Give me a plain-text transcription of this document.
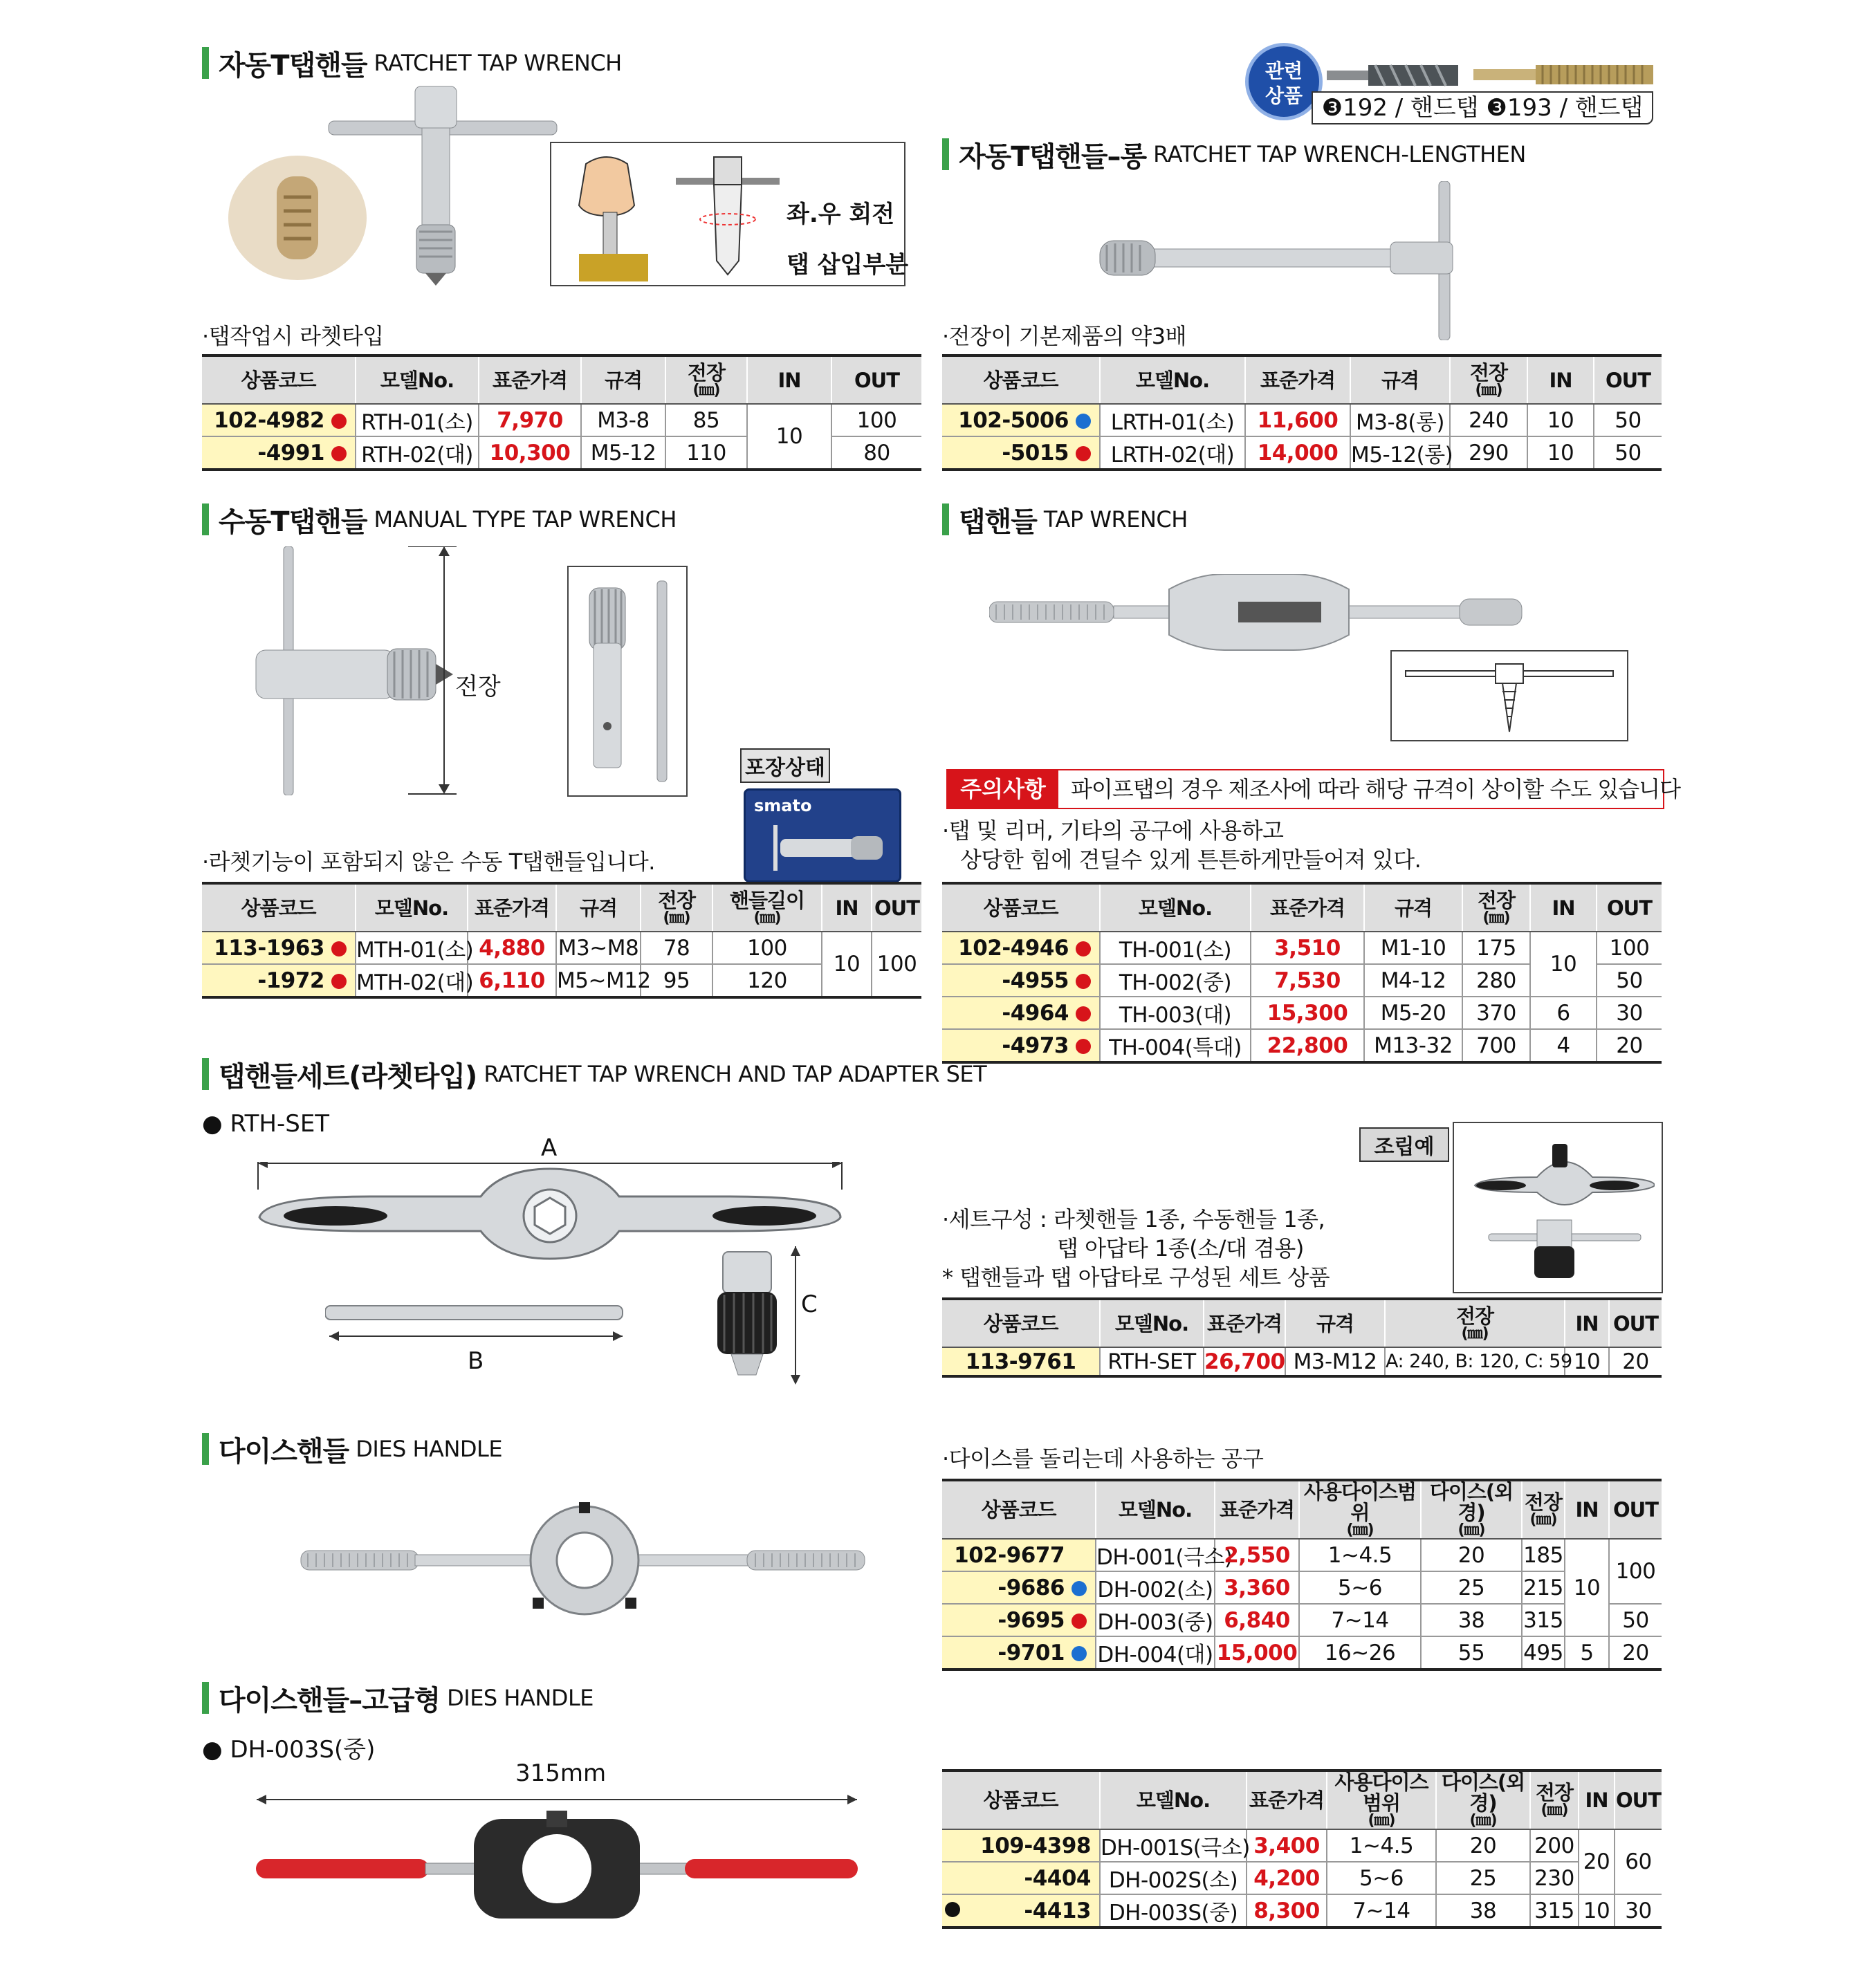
관련
상품 ❸192 / 핸드탭 ❸193 / 핸드탭
자동T탭핸들 RATCHET TAP WRENCH
좌.우 회전
탭 삽입부분
·탭작업시 라쳇타입
상품코드	모델No.	표준가격	규격	전장
(㎜)	IN	OUT
102-4982	RTH-01(소)	7,970	M3-8	85	10	100
-4991	RTH-02(대)	10,300	M5-12	110		80
자동T탭핸들–롱 RATCHET TAP WRENCH-LENGTHEN
·전장이 기본제품의 약3배
상품코드	모델No.	표준가격	규격	전장
(㎜)	IN	OUT
102-5006	LRTH-01(소)	11,600	M3-8(롱)	240	10	50
-5015	LRTH-02(대)	14,000	M5-12(롱)	290	10	50
수동T탭핸들 MANUAL TYPE TAP WRENCH
전장
포장상태
smato
·라쳇기능이 포함되지 않은 수동 T탭핸들입니다.
상품코드	모델No.	표준가격	규격	전장
(㎜)	핸들길이
(㎜)	IN	OUT
113-1963	MTH-01(소)	4,880	M3~M8	78	100	10	100
-1972	MTH-02(대)	6,110	M5~M12	95	120		
탭핸들 TAP WRENCH
주의사항	파이프탭의 경우 제조사에 따라 해당 규격이 상이할 수도 있습니다
·탭 및 리머, 기타의 공구에 사용하고
상당한 힘에 견딜수 있게 튼튼하게만들어져 있다.
상품코드	모델No.	표준가격	규격	전장
(㎜)	IN	OUT
102-4946	TH-001(소)	3,510	M1-10	175	10	100
-4955	TH-002(중)	7,530	M4-12	280		50
-4964	TH-003(대)	15,300	M5-20	370	6	30
-4973	TH-004(특대)	22,800	M13-32	700	4	20
탭핸들세트(라쳇타입) RATCHET TAP WRENCH AND TAP ADAPTER SET
● RTH-SET
A
B
C
조립예
·세트구성 : 라쳇핸들 1종, 수동핸들 1종,
탭 아답타 1종(소/대 겸용)
* 탭핸들과 탭 아답타로 구성된 세트 상품
상품코드	모델No.	표준가격	규격	전장
(㎜)	IN	OUT
113-9761	RTH-SET	26,700	M3-M12	A: 240, B: 120, C: 59	10	20
다이스핸들 DIES HANDLE	·다이스를 돌리는데 사용하는 공구
상품코드	모델No.	표준가격	사용다이스범위
(㎜)	다이스(외경)
(㎜)	전장
(㎜)	IN	OUT
102-9677	DH-001(극소)	2,550	1~4.5	20	185	10	100
-9686	DH-002(소)	3,360	5~6	25	215		
-9695	DH-003(중)	6,840	7~14	38	315		50
-9701	DH-004(대)	15,000	16~26	55	495	5	20
다이스핸들–고급형 DIES HANDLE
● DH-003S(중)
315mm
상품코드	모델No.	표준가격	사용다이스범위
(㎜)	다이스(외경)
(㎜)	전장
(㎜)	IN	OUT
109-4398	DH-001S(극소)	3,400	1~4.5	20	200	20	60
-4404	DH-002S(소)	4,200	5~6	25	230		

-4413	DH-003S(중)	8,300	7~14	38	315	10	30
